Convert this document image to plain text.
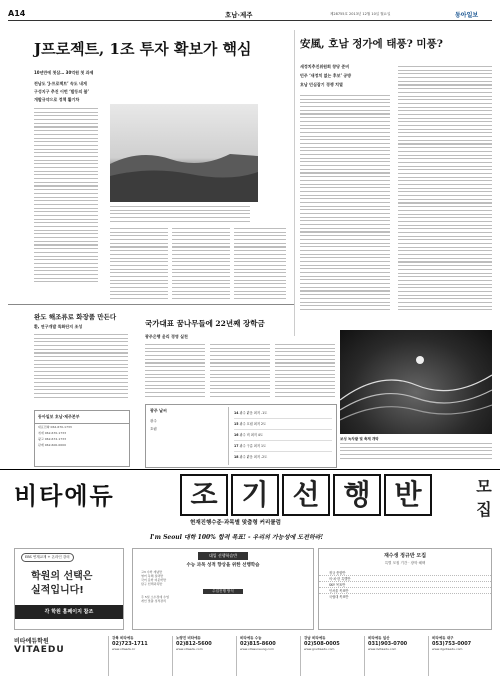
A14	호남·제주	제28755호 2013년 12월 10일 월요일	동아일보
J프로젝트, 1조 투자 확보가 핵심
10년만에 첫삽… 30억원 첫 과제
전남도 ‘J-프로젝트’ 속도 내게
구성지구 추진 이번 ‘발등의 불’
개발규약으로 정책 활기차
安風, 호남 정가에 태풍? 미풍?
새정치추진위원회 창당 준비
민주 ‘새정치 없는 후보’ 공방
호남 민심잡기 경쟁 치열
완도 해조류로 화장품 만든다
환, 연구개발 특화단지 조성
동아일보 호남·제주본부
대표전화 062-670-1733
취재 062-670-1733
광고 062-672-1733
판매 062-600-0000
국가대표 꿈나무들에 22년째 장학금
광주은행 윤리 경영 실천
광주 날씨
광주
흐림
14 광주 맑음 최저 -1도
15 광주 흐림 최저 2도
16 광주 비 최저 4도
17 광주 구름 최저 1도
18 광주 맑음 최저 -2도
보성 녹차밭 빛 축제 개막
비타에듀	조 기 선 행 반	모
집
현재진행수준·과목별 맞춤형 커리큘럼
I'm Seoul 대학 100% 합격 목표! - 우리의 가능성에 도전하라!
EBS 연계교재 + 온라인 강의
학원의 선택은
실적입니다!
각 학원 홈페이지 참조
대입 선행학습반
수능 과목 성적 향상을 위한 선행학습
고3 수학 개념반
영어 독해 실력반
국어 문학 비문학반
탐구 선택과목반
수업진행 방식
주 5일 소수정예 수업
개인 맞춤 성적관리
재수생 정규반 모집
특별 모집 기간 · 장학 혜택
정규 종합반
의·치·한 특별반
SKY 목표반
인서울 목표반
국립대 목표반
비타에듀학원
VITAEDU
강북 비타에듀
02)723-1711
www.vitaedu.kr
노량진 비타에듀
02)812-5600
www.vitaedu.com
비타에듀 수능
02)815-8600
www.vitasuneung.com
강남 비타에듀
02)508-0005
www.gnvitaedu.com
비타에듀 일산
031)903-0700
www.ilvitaedu.com
비타에듀 대구
053)753-0007
www.dgvitaedu.com
